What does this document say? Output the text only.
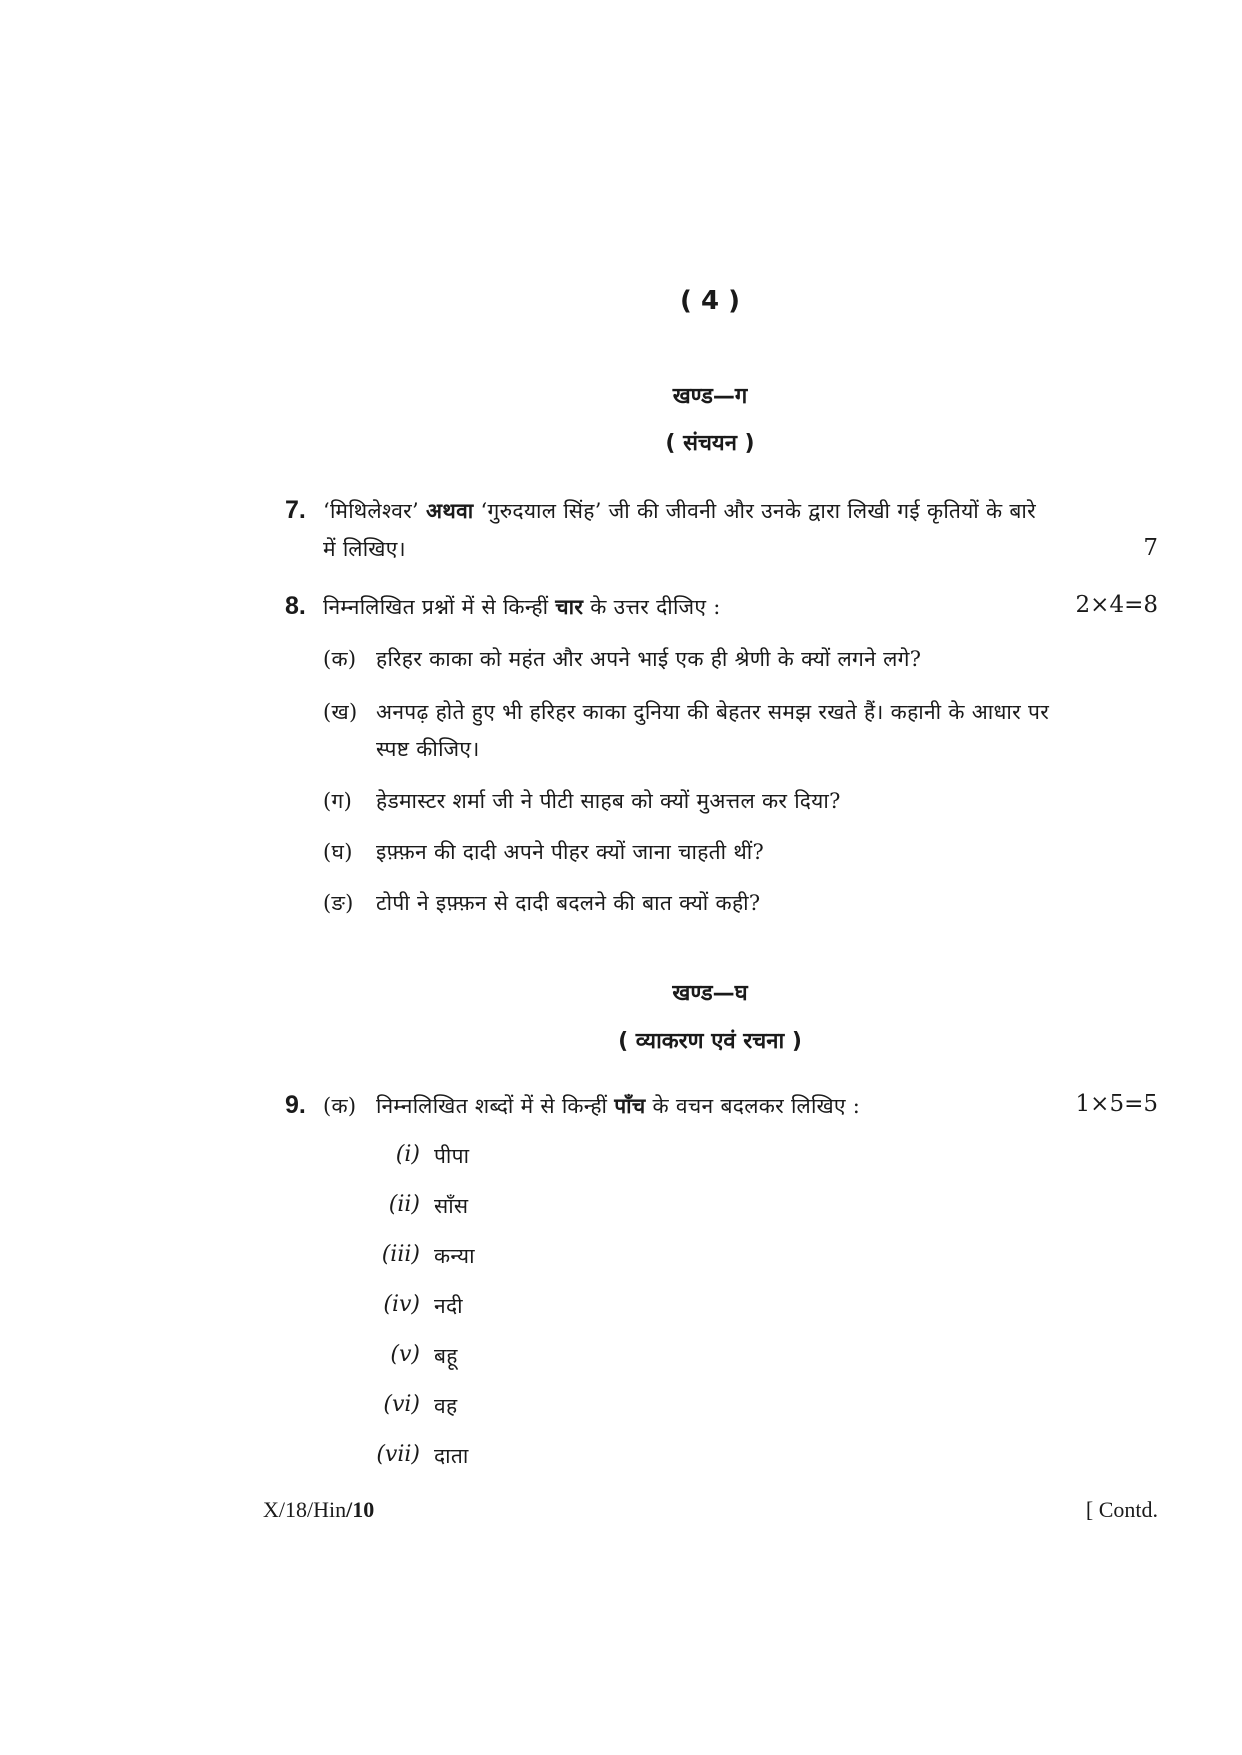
( 4 )
खण्ड—ग
( संचयन )
7. ‘मिथिलेश्वर’ अथवा ‘गुरुदयाल सिंह’ जी की जीवनी और उनके द्वारा लिखी गई कृतियों के बारे
में लिखिए।	7
8. निम्नलिखित प्रश्नों में से किन्हीं चार के उत्तर दीजिए :	2×4=8
(क) हरिहर काका को महंत और अपने भाई एक ही श्रेणी के क्यों लगने लगे?
(ख) अनपढ़ होते हुए भी हरिहर काका दुनिया की बेहतर समझ रखते हैं। कहानी के आधार पर
स्पष्ट कीजिए।
(ग) हेडमास्टर शर्मा जी ने पीटी साहब को क्यों मुअत्तल कर दिया?
(घ) इफ़्फ़न की दादी अपने पीहर क्यों जाना चाहती थीं?
(ङ) टोपी ने इफ़्फ़न से दादी बदलने की बात क्यों कही?
खण्ड—घ
( व्याकरण एवं रचना )
9. (क) निम्नलिखित शब्दों में से किन्हीं पाँच के वचन बदलकर लिखिए :	1×5=5
(i) पीपा
(ii) साँस
(iii) कन्या
(iv) नदी
(v) बहू
(vi) वह
(vii) दाता
X/18/Hin/10	[ Contd.
